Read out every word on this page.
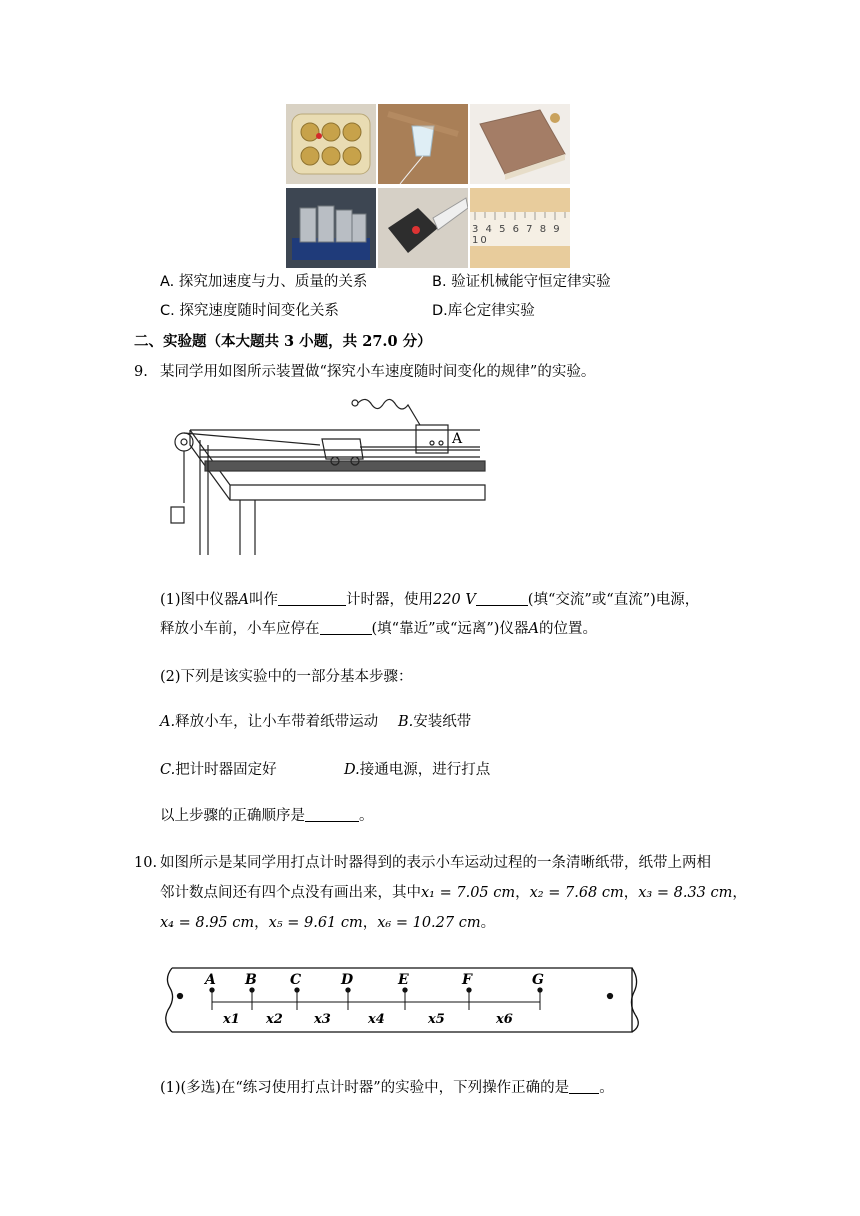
3 4 5 6 7 8 9 10
A. 探究加速度与力、质量的关系	B. 验证机械能守恒定律实验
C. 探究速度随时间变化关系	D.库仑定律实验
二、实验题（本大题共 3 小题，共 27.0 分）
9. 某同学用如图所示装置做“探究小车速度随时间变化的规律”的实验。
A
(1)图中仪器A叫作	计时器，使用220 V	(填“交流”或“直流”)电源，
释放小车前，小车应停在	(填“靠近”或“远离”)仪器A的位置。
(2)下列是该实验中的一部分基本步骤：
A.释放小车，让小车带着纸带运动 B.安装纸带
C.把计时器固定好	D.接通电源，进行打点
以上步骤的正确顺序是	。
10. 如图所示是某同学用打点计时器得到的表示小车运动过程的一条清晰纸带，纸带上两相
邻计数点间还有四个点没有画出来，其中x₁ = 7.05 cm，x₂ = 7.68 cm，x₃ = 8.33 cm，
x₄ = 8.95 cm，x₅ = 9.61 cm，x₆ = 10.27 cm。
A B C	D	E	F	G
x1 x2 x3	x4	x5	x6
(1)(多选)在“练习使用打点计时器”的实验中，下列操作正确的是 。
